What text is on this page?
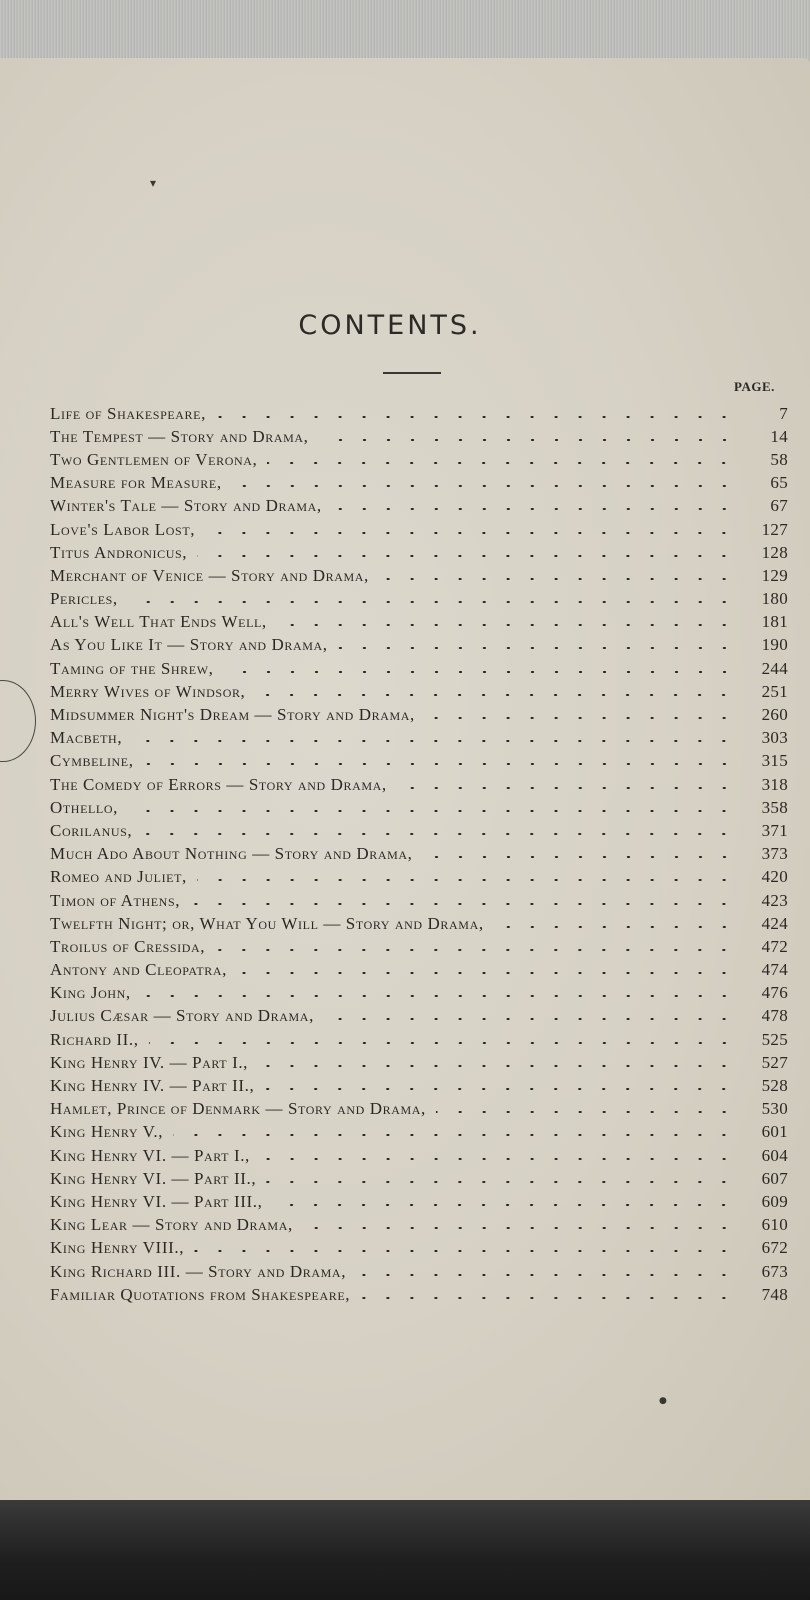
▾
●
CONTENTS.
PAGE.
Life of Shakespeare,	7
The Tempest — Story and Drama,	14
Two Gentlemen of Verona,	58
Measure for Measure,	65
Winter's Tale — Story and Drama,	67
Love's Labor Lost,	127
Titus Andronicus,	128
Merchant of Venice — Story and Drama,	129
Pericles,	180
All's Well That Ends Well,	181
As You Like It — Story and Drama,	190
Taming of the Shrew,	244
Merry Wives of Windsor,	251
Midsummer Night's Dream — Story and Drama,	260
Macbeth,	303
Cymbeline,	315
The Comedy of Errors — Story and Drama,	318
Othello,	358
Corilanus,	371
Much Ado About Nothing — Story and Drama,	373
Romeo and Juliet,	420
Timon of Athens,	423
Twelfth Night; or, What You Will — Story and Drama,	424
Troilus of Cressida,	472
Antony and Cleopatra,	474
King John,	476
Julius Cæsar — Story and Drama,	478
Richard II.,	525
King Henry IV. — Part I.,	527
King Henry IV. — Part II.,	528
Hamlet, Prince of Denmark — Story and Drama,	530
King Henry V.,	601
King Henry VI. — Part I.,	604
King Henry VI. — Part II.,	607
King Henry VI. — Part III.,	609
King Lear — Story and Drama,	610
King Henry VIII.,	672
King Richard III. — Story and Drama,	673
Familiar Quotations from Shakespeare,	748
